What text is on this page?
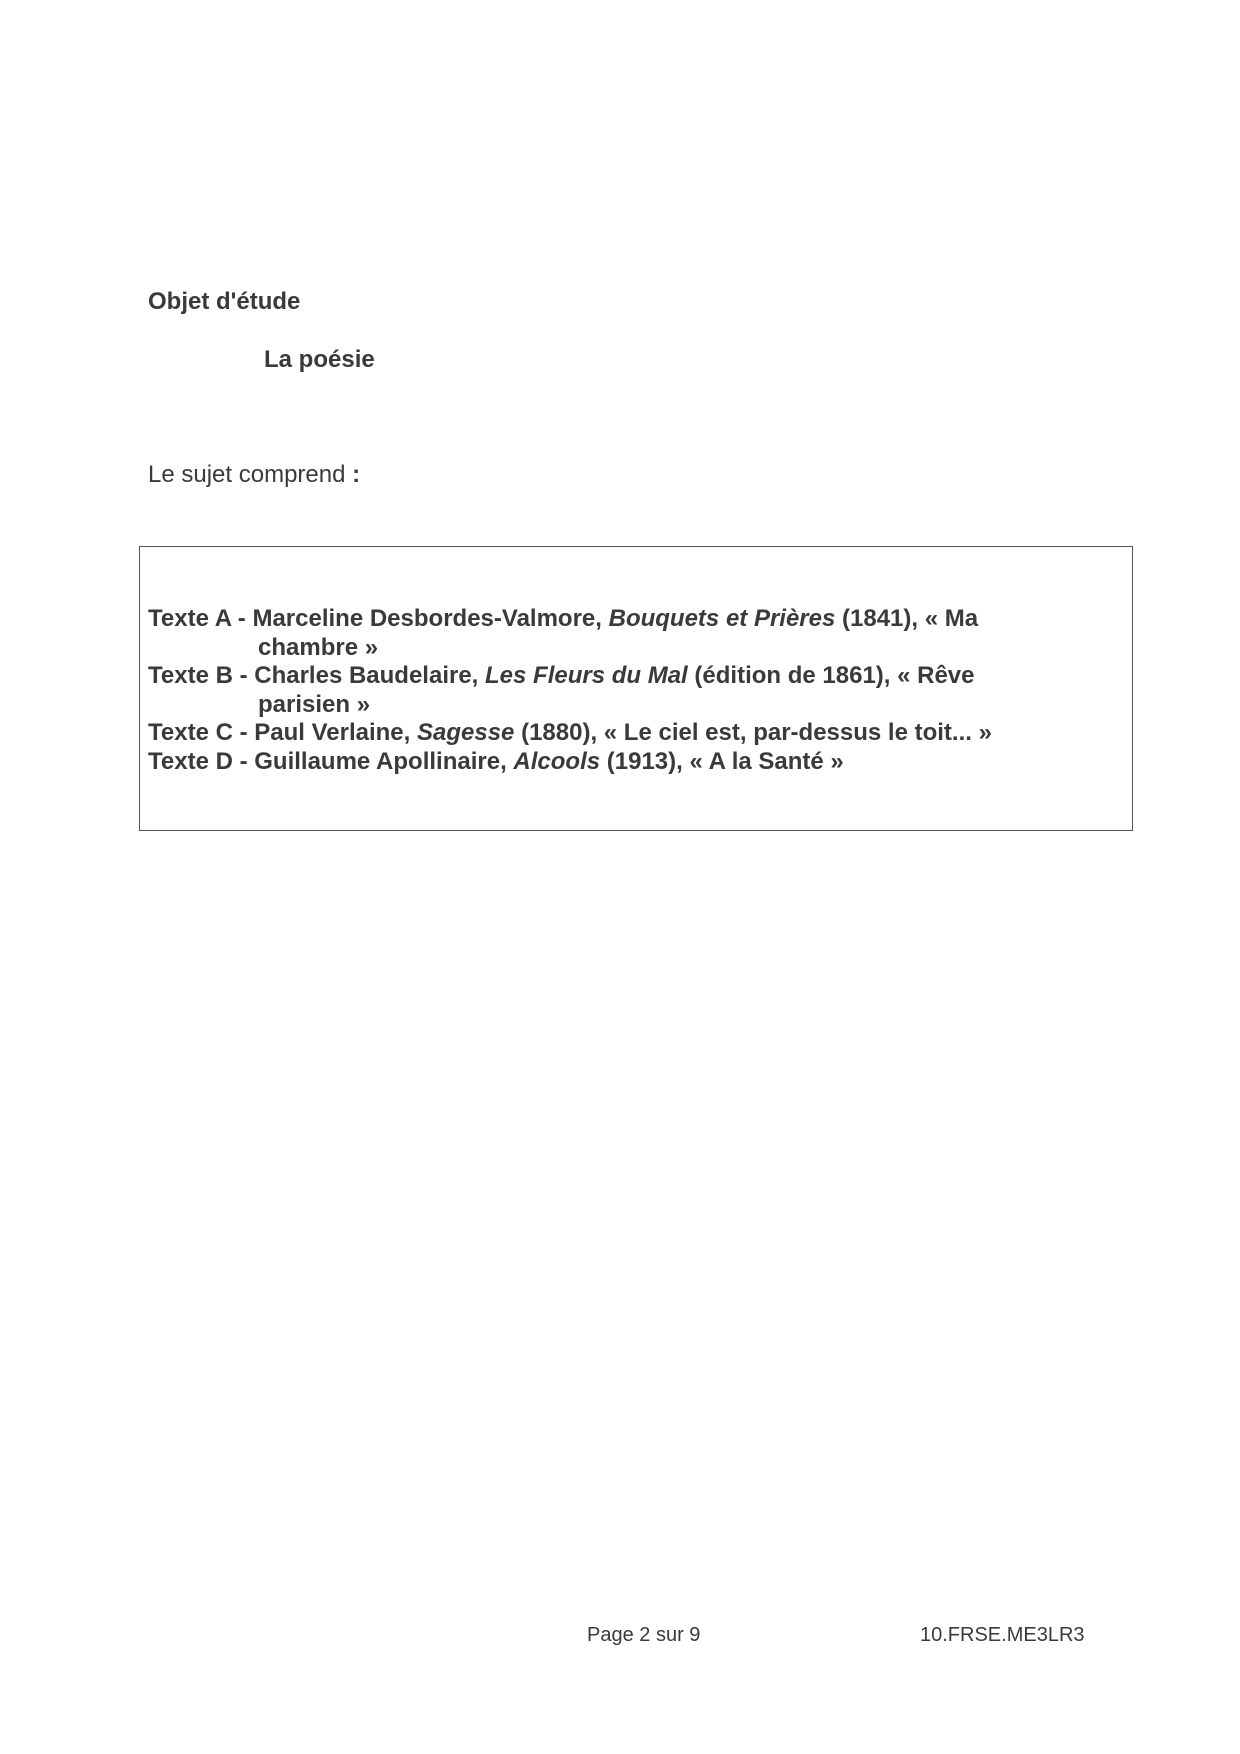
Objet d'étude
La poésie
Le sujet comprend :
Texte A - Marceline Desbordes-Valmore, Bouquets et Prières (1841), « Ma
chambre »
Texte B - Charles Baudelaire, Les Fleurs du Mal (édition de 1861), « Rêve
parisien »
Texte C - Paul Verlaine, Sagesse (1880), « Le ciel est, par-dessus le toit... »
Texte D - Guillaume Apollinaire, Alcools (1913), « A la Santé »
Page 2 sur 9	10.FRSE.ME3LR3
